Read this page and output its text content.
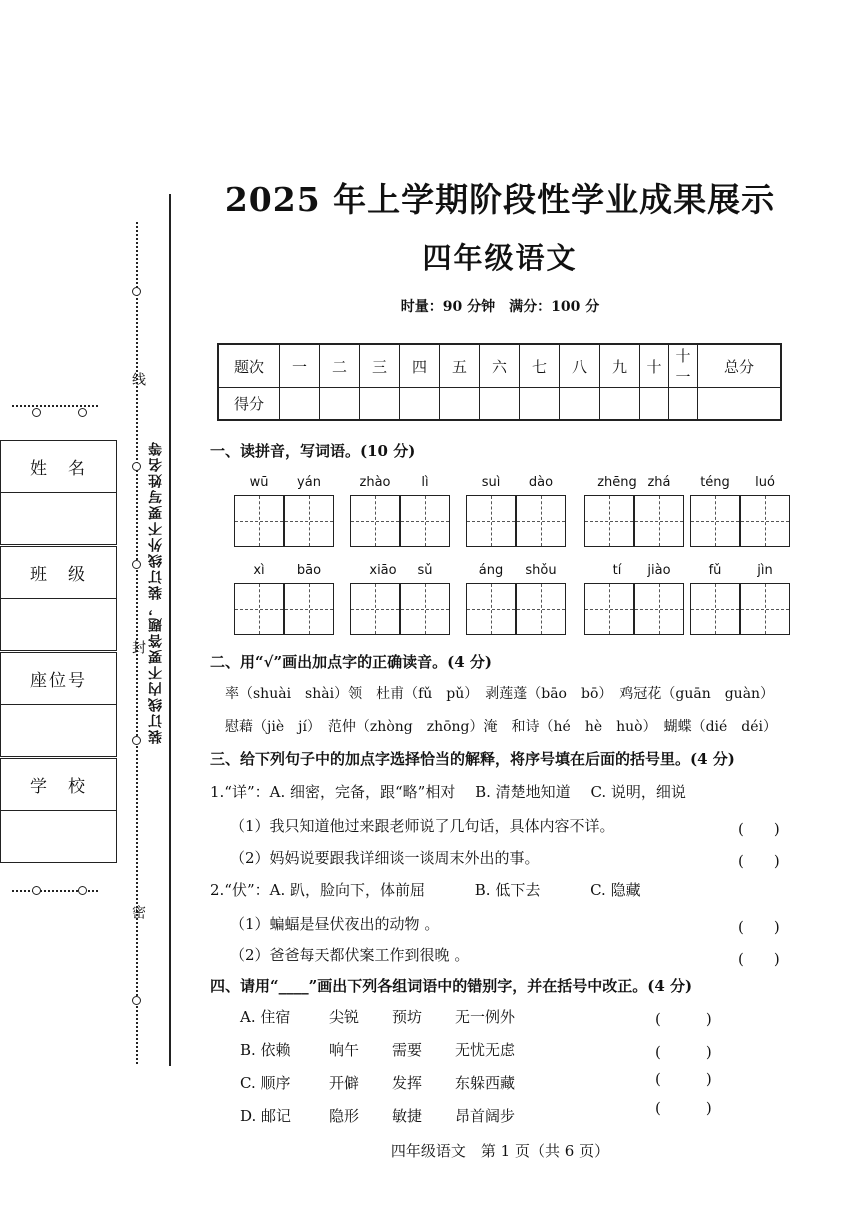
线
封
密
装订线内不要答题，装订线外不要写姓名等
姓　名
班　级
座位号
学　校
2025 年上学期阶段性学业成果展示
四年级语文
时量：90 分钟　满分：100 分
题次	一	二	三	四	五	六	七	八	九	十	十一	总分
得分												
一、读拼音，写词语。(10 分)
wū	yán	zhào	lì	suì	dào	zhēng zhá	téng	luó
xì	bāo	xiāo	sǔ	áng	shǒu	tí	jiào	fǔ	jìn
二、用“√”画出加点字的正确读音。(4 分)
率（shuài　shài）领　杜甫（fǔ　pǔ）　剥莲蓬（bāo　bō）　鸡冠花（guān　guàn）
慰藉（jiè　jí）　范仲（zhòng　zhōng）淹　和诗（hé　hè　huò）　蝴蝶（dié　déi）
三、给下列句子中的加点字选择恰当的解释，将序号填在后面的括号里。(4 分)
1.“详”：A. 细密，完备，跟“略”相对　 B. 清楚地知道　 C. 说明，细说
（1）我只知道他过来跟老师说了几句话，具体内容不详。	(　　)
（2）妈妈说要跟我详细谈一谈周末外出的事。	(　　)
2.“伏”：A. 趴，脸向下，体前屈　　　 B. 低下去　　　 C. 隐藏
（1）蝙蝠是昼伏夜出的动物 。	(　　)
（2）爸爸每天都伏案工作到很晚 。	(　　)
四、请用“____”画出下列各组词语中的错别字，并在括号中改正。(4 分)
A. 住宿	尖锐 预坊 无一例外	(　　　)
B. 依赖	响午 需要 无忧无虑	(　　　)
C. 顺序	开僻 发挥 东躲西藏	(　　　)
D. 邮记	隐形 敏捷 昂首阔步	(　　　)
四年级语文　第 1 页（共 6 页）
